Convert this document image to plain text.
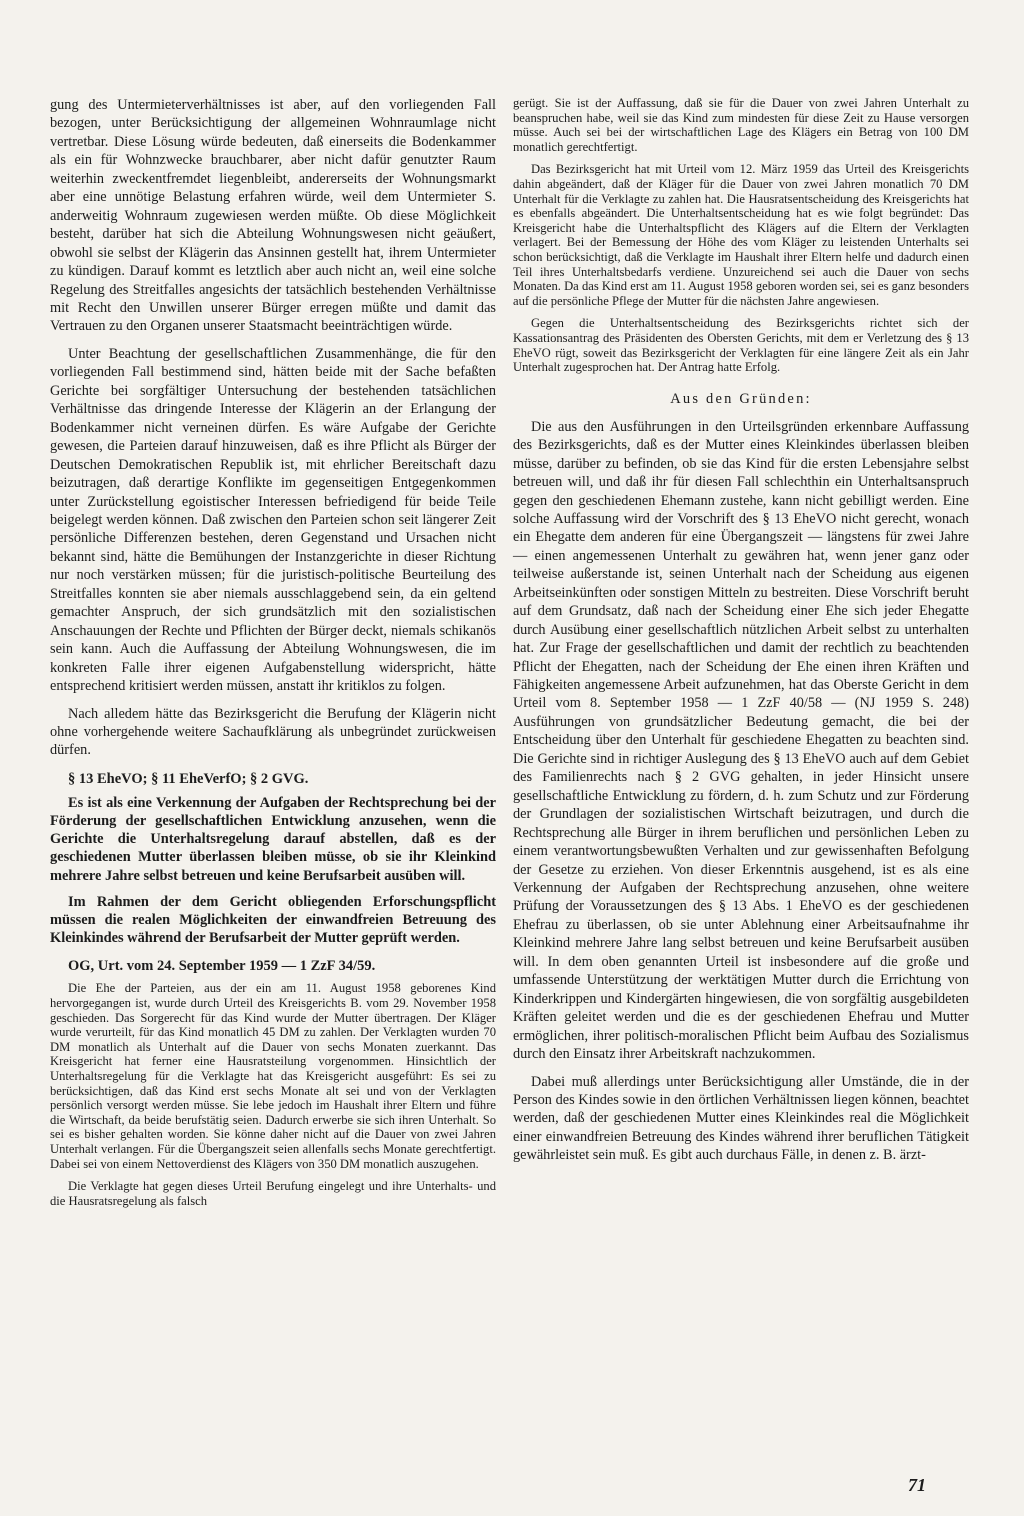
gung des Untermieterverhältnisses ist aber, auf den vorliegenden Fall bezogen, unter Berücksichtigung der allgemeinen Wohnraumlage nicht vertretbar. Diese Lösung würde bedeuten, daß einerseits die Bodenkammer als ein für Wohnzwecke brauchbarer, aber nicht dafür genutzter Raum weiterhin zweckentfremdet liegenbleibt, andererseits der Wohnungsmarkt aber eine unnötige Belastung erfahren würde, weil dem Untermieter S. anderweitig Wohnraum zugewiesen werden müßte. Ob diese Möglichkeit besteht, darüber hat sich die Abteilung Wohnungswesen nicht geäußert, obwohl sie selbst der Klägerin das Ansinnen gestellt hat, ihrem Untermieter zu kündigen. Darauf kommt es letztlich aber auch nicht an, weil eine solche Regelung des Streitfalles angesichts der tatsächlich bestehenden Verhältnisse mit Recht den Unwillen unserer Bürger erregen müßte und damit das Vertrauen zu den Organen unserer Staatsmacht beeinträchtigen würde.

Unter Beachtung der gesellschaftlichen Zusammenhänge, die für den vorliegenden Fall bestimmend sind, hätten beide mit der Sache befaßten Gerichte bei sorgfältiger Untersuchung der bestehenden tatsächlichen Verhältnisse das dringende Interesse der Klägerin an der Erlangung der Bodenkammer nicht verneinen dürfen. Es wäre Aufgabe der Gerichte gewesen, die Parteien darauf hinzuweisen, daß es ihre Pflicht als Bürger der Deutschen Demokratischen Republik ist, mit ehrlicher Bereitschaft dazu beizutragen, daß derartige Konflikte im gegenseitigen Entgegenkommen unter Zurückstellung egoistischer Interessen befriedigend für beide Teile beigelegt werden können. Daß zwischen den Parteien schon seit längerer Zeit persönliche Differenzen bestehen, deren Gegenstand und Ursachen nicht bekannt sind, hätte die Bemühungen der Instanzgerichte in dieser Richtung nur noch verstärken müssen; für die juristisch-politische Beurteilung des Streitfalles konnten sie aber niemals ausschlaggebend sein, da ein geltend gemachter Anspruch, der sich grundsätzlich mit den sozialistischen Anschauungen der Rechte und Pflichten der Bürger deckt, niemals schikanös sein kann. Auch die Auffassung der Abteilung Wohnungswesen, die im konkreten Falle ihrer eigenen Aufgabenstellung widerspricht, hätte entsprechend kritisiert werden müssen, anstatt ihr kritiklos zu folgen.

Nach alledem hätte das Bezirksgericht die Berufung der Klägerin nicht ohne vorhergehende weitere Sachaufklärung als unbegründet zurückweisen dürfen.

§ 13 EheVO; § 11 EheVerfO; § 2 GVG.

Es ist als eine Verkennung der Aufgaben der Rechtsprechung bei der Förderung der gesellschaftlichen Entwicklung anzusehen, wenn die Gerichte die Unterhaltsregelung darauf abstellen, daß es der geschiedenen Mutter überlassen bleiben müsse, ob sie ihr Kleinkind mehrere Jahre selbst betreuen und keine Berufsarbeit ausüben will.

Im Rahmen der dem Gericht obliegenden Erforschungspflicht müssen die realen Möglichkeiten der einwandfreien Betreuung des Kleinkindes während der Berufsarbeit der Mutter geprüft werden.

OG, Urt. vom 24. September 1959 — 1 ZzF 34/59.

Die Ehe der Parteien, aus der ein am 11. August 1958 geborenes Kind hervorgegangen ist, wurde durch Urteil des Kreisgerichts B. vom 29. November 1958 geschieden. Das Sorgerecht für das Kind wurde der Mutter übertragen. Der Kläger wurde verurteilt, für das Kind monatlich 45 DM zu zahlen. Der Verklagten wurden 70 DM monatlich als Unterhalt auf die Dauer von sechs Monaten zuerkannt. Das Kreisgericht hat ferner eine Hausratsteilung vorgenommen. Hinsichtlich der Unterhaltsregelung für die Verklagte hat das Kreisgericht ausgeführt: Es sei zu berücksichtigen, daß das Kind erst sechs Monate alt sei und von der Verklagten persönlich versorgt werden müsse. Sie lebe jedoch im Haushalt ihrer Eltern und führe die Wirtschaft, da beide berufstätig seien. Dadurch erwerbe sie sich ihren Unterhalt. So sei es bisher gehalten worden. Sie könne daher nicht auf die Dauer von zwei Jahren Unterhalt verlangen. Für die Übergangszeit seien allenfalls sechs Monate gerechtfertigt. Dabei sei von einem Nettoverdienst des Klägers von 350 DM monatlich auszugehen.

Die Verklagte hat gegen dieses Urteil Berufung eingelegt und ihre Unterhalts- und die Hausratsregelung als falsch

gerügt. Sie ist der Auffassung, daß sie für die Dauer von zwei Jahren Unterhalt zu beanspruchen habe, weil sie das Kind zum mindesten für diese Zeit zu Hause versorgen müsse. Auch sei bei der wirtschaftlichen Lage des Klägers ein Betrag von 100 DM monatlich gerechtfertigt.

Das Bezirksgericht hat mit Urteil vom 12. März 1959 das Urteil des Kreisgerichts dahin abgeändert, daß der Kläger für die Dauer von zwei Jahren monatlich 70 DM Unterhalt für die Verklagte zu zahlen hat. Die Hausratsentscheidung des Kreisgerichts hat es ebenfalls abgeändert. Die Unterhaltsentscheidung hat es wie folgt begründet: Das Kreisgericht habe die Unterhaltspflicht des Klägers auf die Eltern der Verklagten verlagert. Bei der Bemessung der Höhe des vom Kläger zu leistenden Unterhalts sei schon berücksichtigt, daß die Verklagte im Haushalt ihrer Eltern helfe und dadurch einen Teil ihres Unterhaltsbedarfs verdiene. Unzureichend sei auch die Dauer von sechs Monaten. Da das Kind erst am 11. August 1958 geboren worden sei, sei es ganz besonders auf die persönliche Pflege der Mutter für die nächsten Jahre angewiesen.

Gegen die Unterhaltsentscheidung des Bezirksgerichts richtet sich der Kassationsantrag des Präsidenten des Obersten Gerichts, mit dem er Verletzung des § 13 EheVO rügt, soweit das Bezirksgericht der Verklagten für eine längere Zeit als ein Jahr Unterhalt zugesprochen hat. Der Antrag hatte Erfolg.

Aus den Gründen:

Die aus den Ausführungen in den Urteilsgründen erkennbare Auffassung des Bezirksgerichts, daß es der Mutter eines Kleinkindes überlassen bleiben müsse, darüber zu befinden, ob sie das Kind für die ersten Lebensjahre selbst betreuen will, und daß ihr für diesen Fall schlechthin ein Unterhaltsanspruch gegen den geschiedenen Ehemann zustehe, kann nicht gebilligt werden. Eine solche Auffassung wird der Vorschrift des § 13 EheVO nicht gerecht, wonach ein Ehegatte dem anderen für eine Übergangszeit — längstens für zwei Jahre — einen angemessenen Unterhalt zu gewähren hat, wenn jener ganz oder teilweise außerstande ist, seinen Unterhalt nach der Scheidung aus eigenen Arbeitseinkünften oder sonstigen Mitteln zu bestreiten. Diese Vorschrift beruht auf dem Grundsatz, daß nach der Scheidung einer Ehe sich jeder Ehegatte durch Ausübung einer gesellschaftlich nützlichen Arbeit selbst zu unterhalten hat. Zur Frage der gesellschaftlichen und damit der rechtlich zu beachtenden Pflicht der Ehegatten, nach der Scheidung der Ehe einen ihren Kräften und Fähigkeiten angemessene Arbeit aufzunehmen, hat das Oberste Gericht in dem Urteil vom 8. September 1958 — 1 ZzF 40/58 — (NJ 1959 S. 248) Ausführungen von grundsätzlicher Bedeutung gemacht, die bei der Entscheidung über den Unterhalt für geschiedene Ehegatten zu beachten sind. Die Gerichte sind in richtiger Auslegung des § 13 EheVO auch auf dem Gebiet des Familienrechts nach § 2 GVG gehalten, in jeder Hinsicht unsere gesellschaftliche Entwicklung zu fördern, d. h. zum Schutz und zur Förderung der Grundlagen der sozialistischen Wirtschaft beizutragen, und durch die Rechtsprechung alle Bürger in ihrem beruflichen und persönlichen Leben zu einem verantwortungsbewußten Verhalten und zur gewissenhaften Befolgung der Gesetze zu erziehen. Von dieser Erkenntnis ausgehend, ist es als eine Verkennung der Aufgaben der Rechtsprechung anzusehen, ohne weitere Prüfung der Voraussetzungen des § 13 Abs. 1 EheVO es der geschiedenen Ehefrau zu überlassen, ob sie unter Ablehnung einer Arbeitsaufnahme ihr Kleinkind mehrere Jahre lang selbst betreuen und keine Berufsarbeit ausüben will. In dem oben genannten Urteil ist insbesondere auf die große und umfassende Unterstützung der werktätigen Mutter durch die Errichtung von Kinderkrippen und Kindergärten hingewiesen, die von sorgfältig ausgebildeten Kräften geleitet werden und die es der geschiedenen Ehefrau und Mutter ermöglichen, ihrer politisch-moralischen Pflicht beim Aufbau des Sozialismus durch den Einsatz ihrer Arbeitskraft nachzukommen.

Dabei muß allerdings unter Berücksichtigung aller Umstände, die in der Person des Kindes sowie in den örtlichen Verhältnissen liegen können, beachtet werden, daß der geschiedenen Mutter eines Kleinkindes real die Möglichkeit einer einwandfreien Betreuung des Kindes während ihrer beruflichen Tätigkeit gewährleistet sein muß. Es gibt auch durchaus Fälle, in denen z. B. ärzt-

71
